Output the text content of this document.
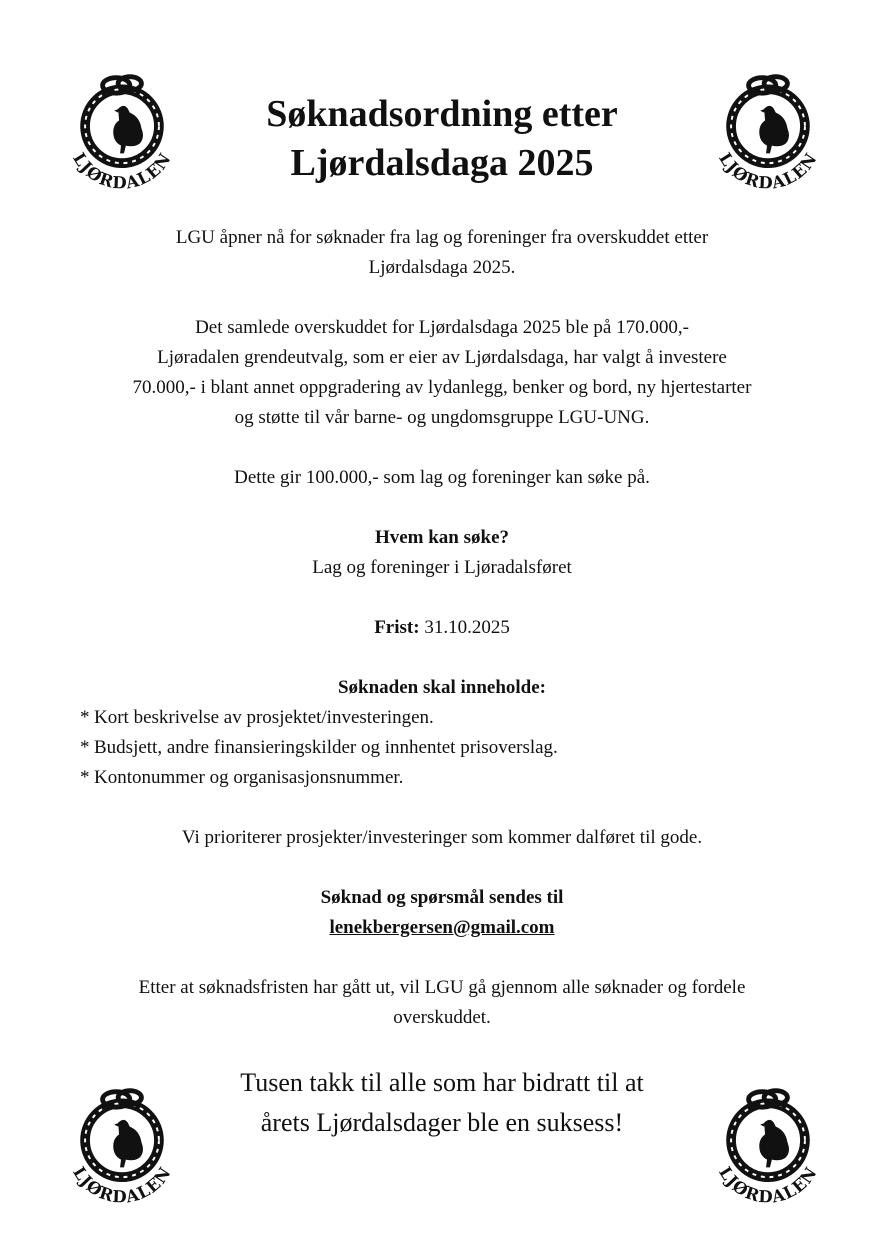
Søknadsordning etter
Ljørdalsdaga 2025

LGU åpner nå for søknader fra lag og foreninger fra overskuddet etter
Ljørdalsdaga 2025.

Det samlede overskuddet for Ljørdalsdaga 2025 ble på 170.000,-
Ljøradalen grendeutvalg, som er eier av Ljørdalsdaga, har valgt å investere
70.000,- i blant annet oppgradering av lydanlegg, benker og bord, ny hjertestarter
og støtte til vår barne- og ungdomsgruppe LGU-UNG.

Dette gir 100.000,- som lag og foreninger kan søke på.

Hvem kan søke?
Lag og foreninger i Ljøradalsføret

Frist: 31.10.2025

Søknaden skal inneholde:

* Kort beskrivelse av prosjektet/investeringen.
* Budsjett, andre finansieringskilder og innhentet prisoverslag.
* Kontonummer og organisasjonsnummer.

Vi prioriterer prosjekter/investeringer som kommer dalføret til gode.

Søknad og spørsmål sendes til
lenekbergersen@gmail.com

Etter at søknadsfristen har gått ut, vil LGU gå gjennom alle søknader og fordele
overskuddet.

Tusen takk til alle som har bidratt til at
årets Ljørdalsdager ble en suksess!
